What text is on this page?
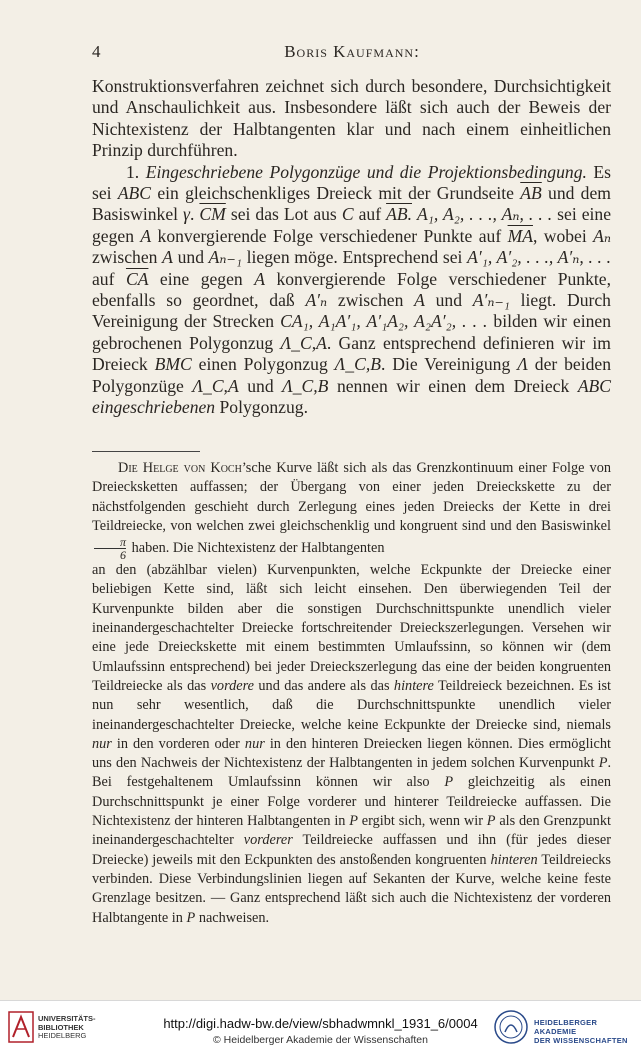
4	Boris Kaufmann:

Konstruktionsverfahren zeichnet sich durch besondere, Durchsichtigkeit und Anschaulichkeit aus. Insbesondere läßt sich auch der Beweis der Nichtexistenz der Halbtangenten klar und nach einem einheitlichen Prinzip durchführen.

1. Eingeschriebene Polygonzüge und die Projektionsbedingung. Es sei ABC ein gleichschenkliges Dreieck mit der Grundseite $\overline{AB}$ und dem Basiswinkel γ. $\overline{CM}$ sei das Lot aus C auf AB. A₁, A₂, . . ., Aₙ, . . . sei eine gegen A konvergierende Folge verschiedener Punkte auf $\overline{MA}$, wobei Aₙ zwischen A und Aₙ₋₁ liegen möge. Entsprechend sei A′₁, A′₂, . . ., A′ₙ, . . . auf $\overline{CA}$ eine gegen A konvergierende Folge verschiedener Punkte, ebenfalls so geordnet, daß A′ₙ zwischen A und A′ₙ₋₁ liegt. Durch Vereinigung der Strecken CA₁, A₁A′₁, A′₁A₂, A₂A′₂, . . . bilden wir einen gebrochenen Polygonzug Λ_C,A. Ganz entsprechend definieren wir im Dreieck BMC einen Polygonzug Λ_C,B. Die Vereinigung Λ der beiden Polygonzüge Λ_C,A und Λ_C,B nennen wir einen dem Dreieck ABC eingeschriebenen Polygonzug.

Die Helge von Koch’sche Kurve läßt sich als das Grenzkontinuum einer Folge von Dreiecksketten auffassen; der Übergang von einer jeden Dreieckskette zu der nächstfolgenden geschieht durch Zerlegung eines jeden Dreiecks der Kette in drei Teildreiecke, von welchen zwei gleichschenklig und kongruent sind und den Basiswinkel
$\frac{\pi}{6}$ haben. Die Nichtexistenz der Halbtangenten

an den (abzählbar vielen) Kurvenpunkten, welche Eckpunkte der Dreiecke einer beliebigen Kette sind, läßt sich leicht einsehen. Den überwiegenden Teil der Kurvenpunkte bilden aber die sonstigen Durchschnittspunkte unendlich vieler ineinandergeschachtelter Dreiecke fortschreitender Dreieckszerlegungen. Versehen wir eine jede Dreieckskette mit einem bestimmten Umlaufssinn, so können wir (dem Umlaufssinn entsprechend) bei jeder Dreieckszerlegung das eine der beiden kongruenten Teildreiecke als das vordere und das andere als das hintere Teildreieck bezeichnen. Es ist nun sehr wesentlich, daß die Durchschnittspunkte unendlich vieler ineinandergeschachtelter Dreiecke, welche keine Eckpunkte der Dreiecke sind, niemals nur in den vorderen oder nur in den hinteren Dreiecken liegen können. Dies ermöglicht uns den Nachweis der Nichtexistenz der Halbtangenten in jedem solchen Kurvenpunkt P. Bei festgehaltenem Umlaufssinn können wir also P gleichzeitig als einen Durchschnittspunkt je einer Folge vorderer und hinterer Teildreiecke auffassen. Die Nichtexistenz der hinteren Halbtangenten in P ergibt sich, wenn wir P als den Grenzpunkt ineinandergeschachtelter vorderer Teildreiecke auffassen und ihn (für jedes dieser Dreiecke) jeweils mit den Eckpunkten des anstoßenden kongruenten hinteren Teildreiecks verbinden. Diese Verbindungslinien liegen auf Sekanten der Kurve, welche keine feste Grenzlage besitzen. — Ganz entsprechend läßt sich auch die Nichtexistenz der vorderen Halbtangente in P nachweisen.

UNIVERSITÄTS-
BIBLIOTHEK
HEIDELBERG
http://digi.hadw-bw.de/view/sbhadwmnkl_1931_6/0004
© Heidelberger Akademie der Wissenschaften
HEIDELBERGER AKADEMIE
DER WISSENSCHAFTEN
